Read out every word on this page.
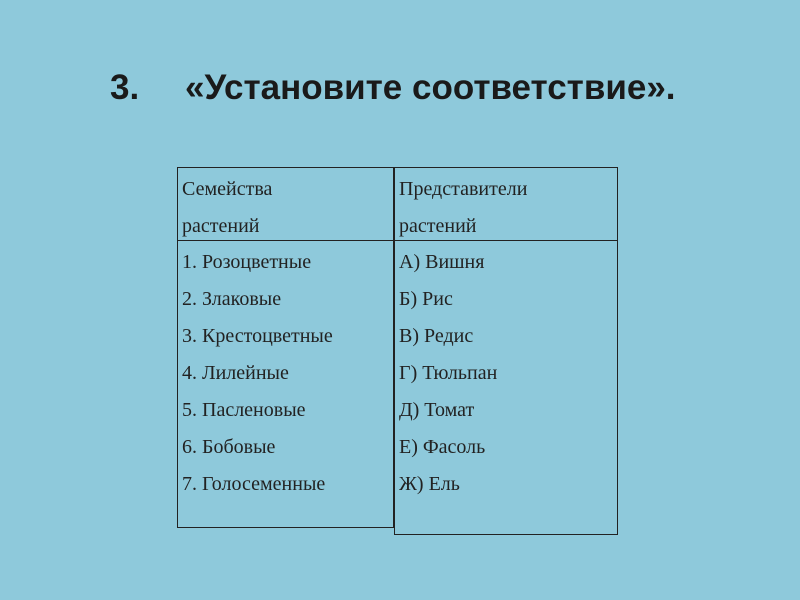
3. «Установите соответствие».
Семейства
растений
1. Розоцветные
2. Злаковые
3. Крестоцветные
4. Лилейные
5. Пасленовые
6. Бобовые
7. Голосеменные
Представители
растений
А) Вишня
Б) Рис
В) Редис
Г) Тюльпан
Д) Томат
Е) Фасоль
Ж) Ель
